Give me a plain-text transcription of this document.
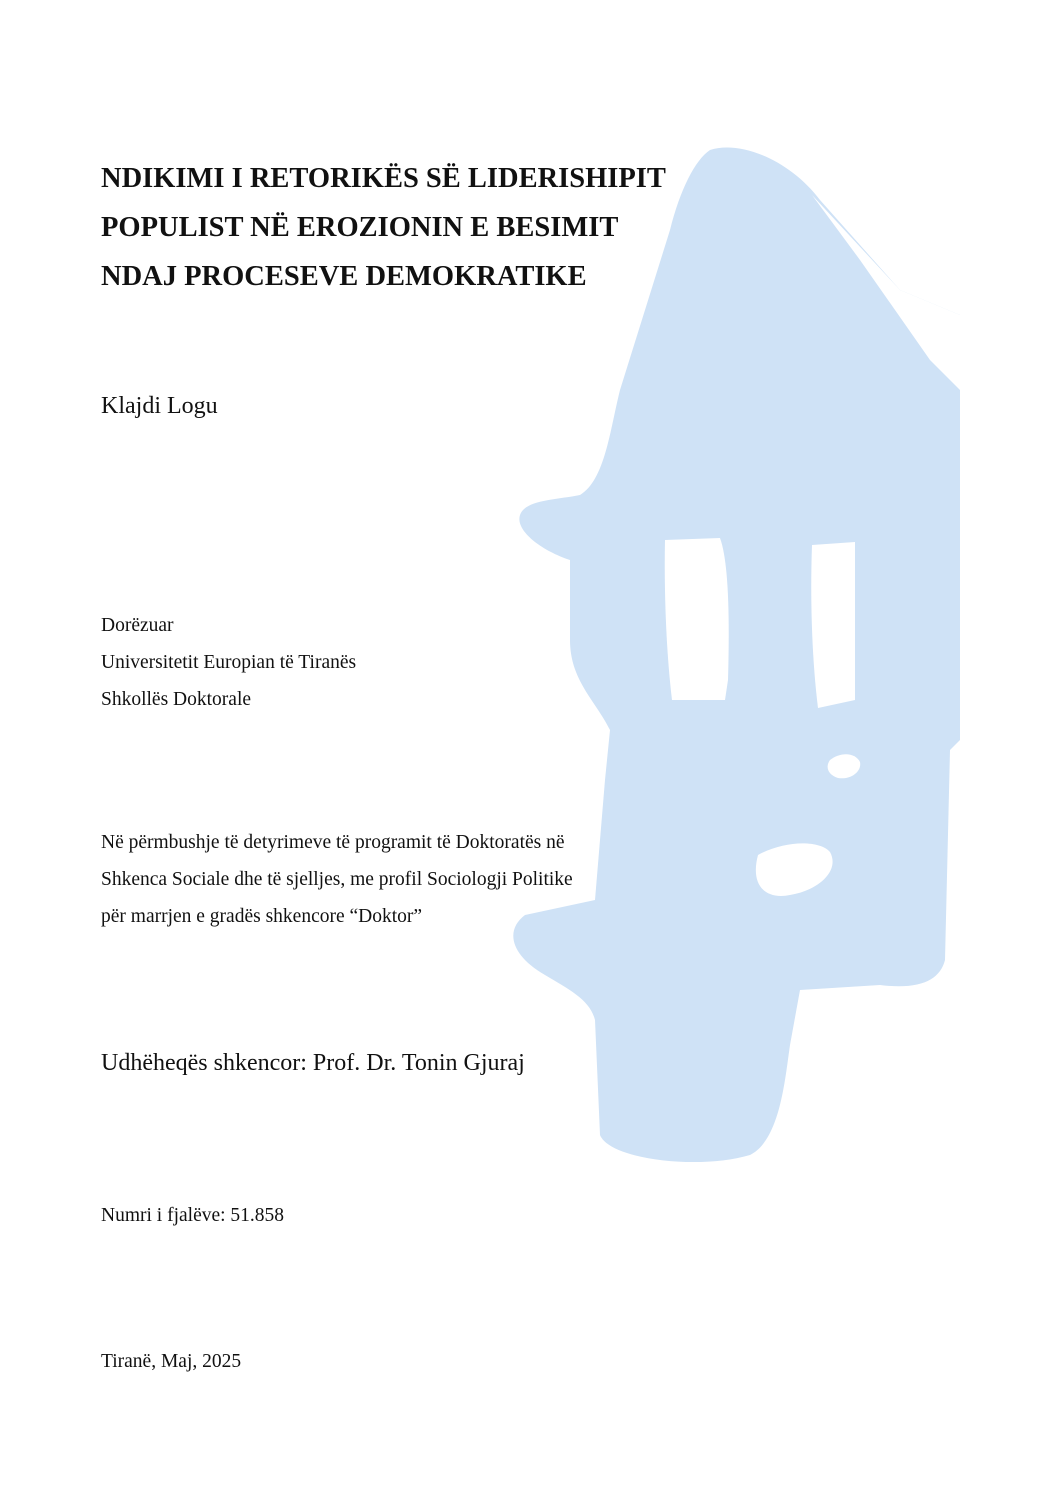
NDIKIMI I RETORIKËS SË LIDERISHIPIT
POPULIST NË EROZIONIN E BESIMIT
NDAJ PROCESEVE DEMOKRATIKE
Klajdi Logu
Dorëzuar
Universitetit Europian të Tiranës
Shkollës Doktorale
Në përmbushje të detyrimeve të programit të Doktoratës në
Shkenca Sociale dhe të sjelljes, me profil Sociologji Politike
për marrjen e gradës shkencore “Doktor”
Udhëheqës shkencor: Prof. Dr. Tonin Gjuraj
Numri i fjalëve: 51.858
Tiranë, Maj, 2025
